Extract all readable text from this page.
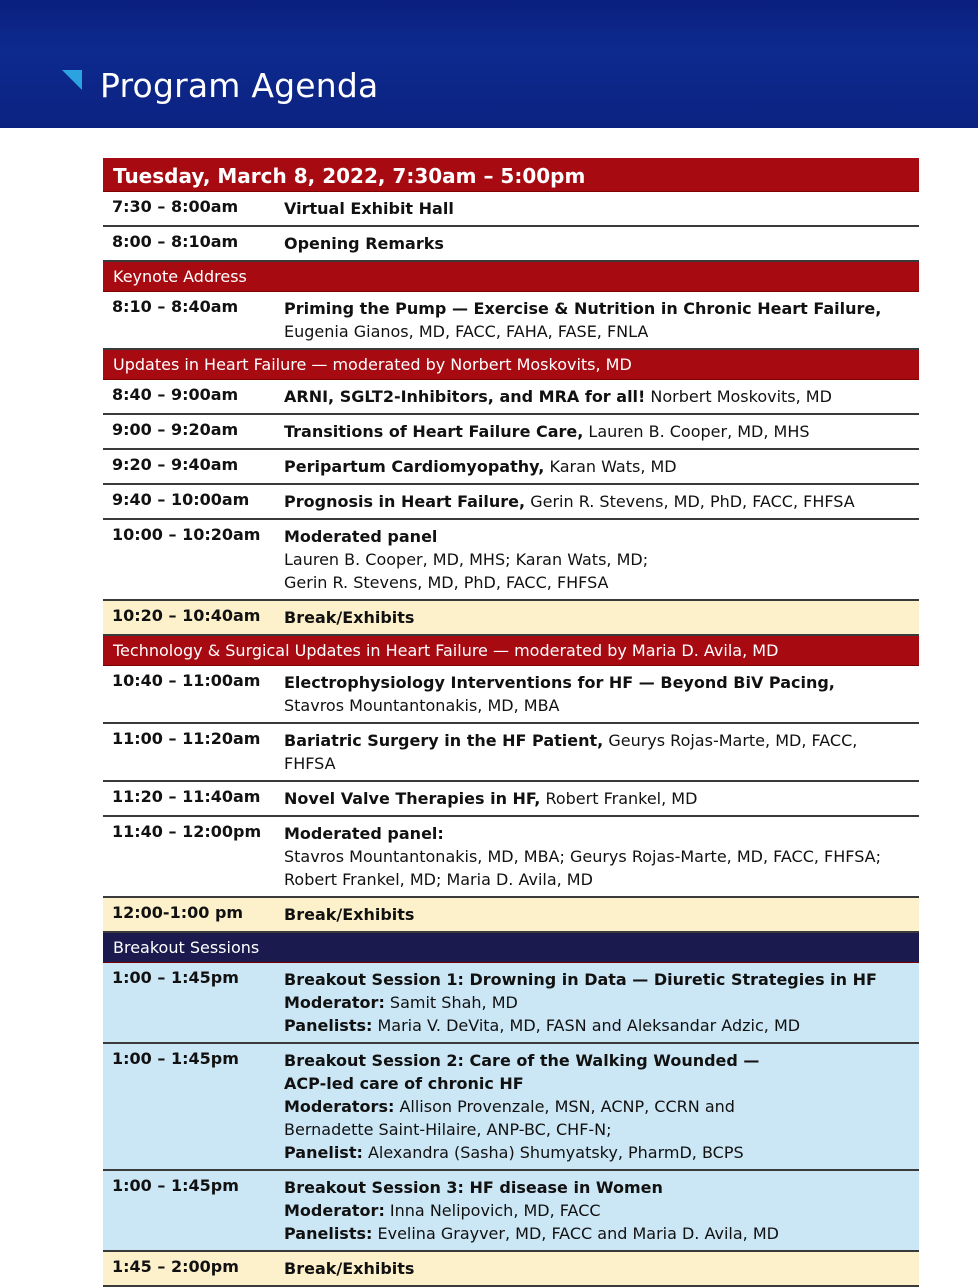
Program Agenda
Tuesday, March 8, 2022, 7:30am – 5:00pm
7:30 – 8:00am	Virtual Exhibit Hall
8:00 – 8:10am	Opening Remarks
Keynote Address
8:10 – 8:40am	Priming the Pump — Exercise & Nutrition in Chronic Heart Failure,
Eugenia Gianos, MD, FACC, FAHA, FASE, FNLA
Updates in Heart Failure — moderated by Norbert Moskovits, MD
8:40 – 9:00am	ARNI, SGLT2-Inhibitors, and MRA for all! Norbert Moskovits, MD
9:00 – 9:20am	Transitions of Heart Failure Care, Lauren B. Cooper, MD, MHS
9:20 – 9:40am	Peripartum Cardiomyopathy, Karan Wats, MD
9:40 – 10:00am Prognosis in Heart Failure, Gerin R. Stevens, MD, PhD, FACC, FHFSA
10:00 – 10:20am Moderated panel
Lauren B. Cooper, MD, MHS; Karan Wats, MD;
Gerin R. Stevens, MD, PhD, FACC, FHFSA
10:20 – 10:40am Break/Exhibits
Technology & Surgical Updates in Heart Failure — moderated by Maria D. Avila, MD
10:40 – 11:00am Electrophysiology Interventions for HF — Beyond BiV Pacing,
Stavros Mountantonakis, MD, MBA
11:00 – 11:20am Bariatric Surgery in the HF Patient, Geurys Rojas-Marte, MD, FACC, FHFSA
11:20 – 11:40am Novel Valve Therapies in HF, Robert Frankel, MD
11:40 – 12:00pm Moderated panel:
Stavros Mountantonakis, MD, MBA; Geurys Rojas-Marte, MD, FACC, FHFSA;
Robert Frankel, MD; Maria D. Avila, MD
12:00-1:00 pm	Break/Exhibits
Breakout Sessions
1:00 – 1:45pm	Breakout Session 1: Drowning in Data — Diuretic Strategies in HF
Moderator: Samit Shah, MD
Panelists: Maria V. DeVita, MD, FASN and Aleksandar Adzic, MD
1:00 – 1:45pm	Breakout Session 2: Care of the Walking Wounded —
ACP-led care of chronic HF
Moderators: Allison Provenzale, MSN, ACNP, CCRN and
Bernadette Saint-Hilaire, ANP-BC, CHF-N;
Panelist: Alexandra (Sasha) Shumyatsky, PharmD, BCPS
1:00 – 1:45pm	Breakout Session 3: HF disease in Women
Moderator: Inna Nelipovich, MD, FACC
Panelists: Evelina Grayver, MD, FACC and Maria D. Avila, MD
1:45 – 2:00pm	Break/Exhibits
